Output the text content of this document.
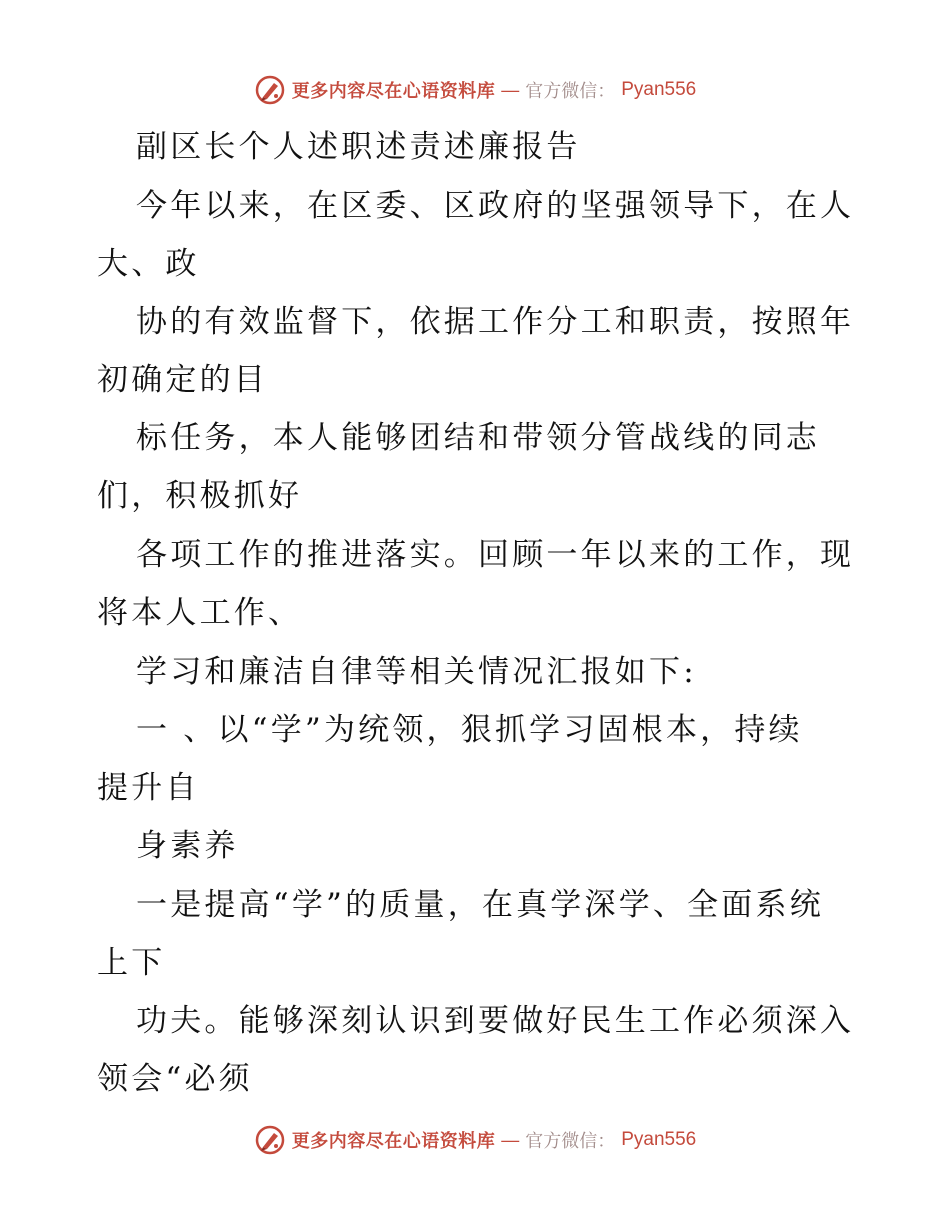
更多内容尽在心语资料库 — 官方微信： Pyan556
副区长个人述职述责述廉报告
今年以来，在区委、区政府的坚强领导下，在人
大、政
协的有效监督下，依据工作分工和职责，按照年
初确定的目
标任务，本人能够团结和带领分管战线的同志
们，积极抓好
各项工作的推进落实。回顾一年以来的工作，现
将本人工作、
学习和廉洁自律等相关情况汇报如下:
一 、以“学”为统领，狠抓学习固根本，持续
提升自
身素养
一是提高“学”的质量，在真学深学、全面系统
上下
功夫。能够深刻认识到要做好民生工作必须深入
领会“必须
更多内容尽在心语资料库 — 官方微信： Pyan556
